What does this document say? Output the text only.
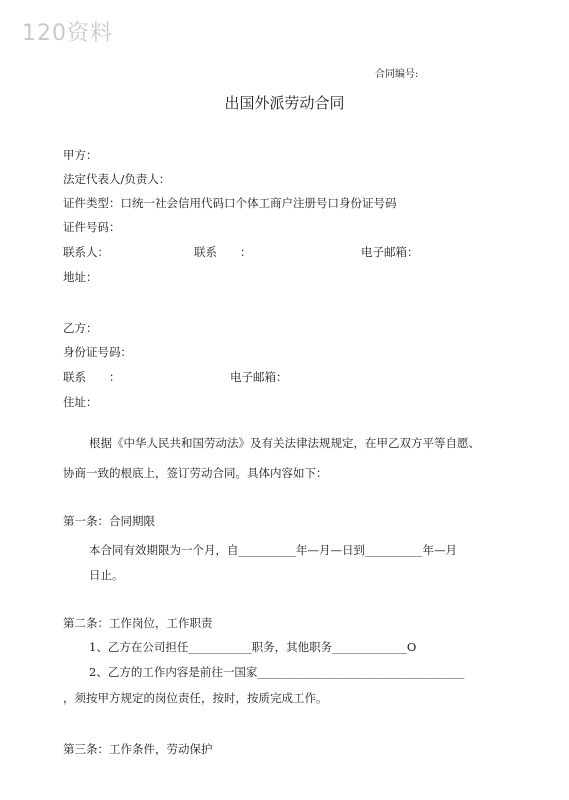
120资料
合同编号:
出国外派劳动合同
甲方：
法定代表人/负责人：
证件类型：口统一社会信用代码口个体工商户注册号口身份证号码
证件号码：
联系人：	联系　　：	电子邮箱：
地址：
乙方：
身份证号码：
联系　　：	电子邮箱：
住址：
根据《中华人民共和国劳动法》及有关法律法规规定，在甲乙双方平等自愿、
协商一致的根底上，签订劳动合同。具体内容如下：
第一条：合同期限
本合同有效期限为一个月，自__________年—月—日到__________年—月
日止。
第二条：工作岗位，工作职责
1、乙方在公司担任___________职务，其他职务_____________O
2、乙方的工作内容是前往一国家____________________________________
，须按甲方规定的岗位责任，按时，按质完成工作。
第三条：工作条件，劳动保护
